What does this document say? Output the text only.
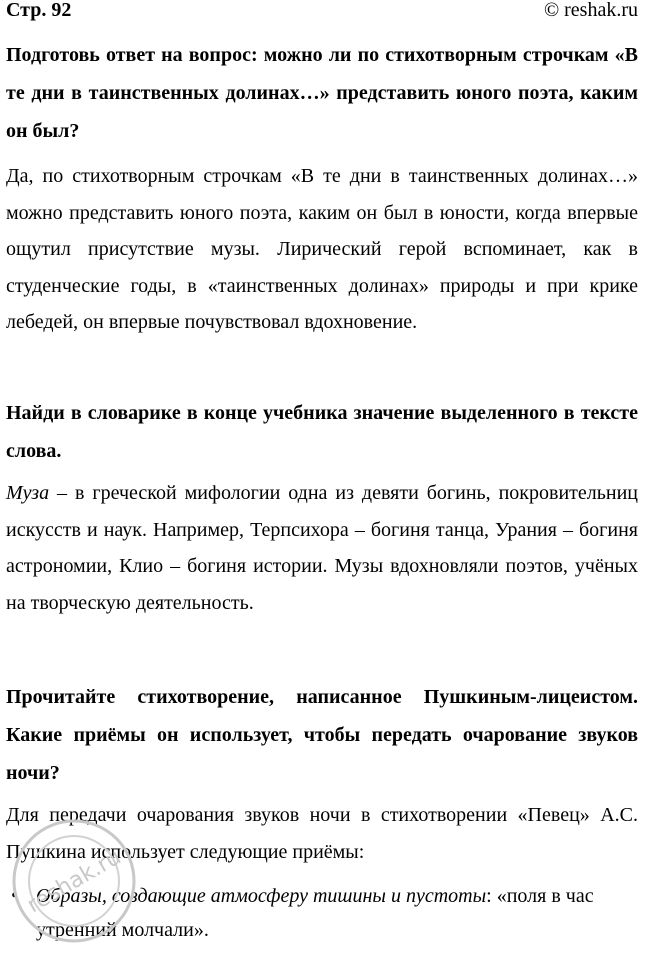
Стр. 92	© reshak.ru
Подготовь ответ на вопрос: можно ли по стихотворным строчкам «В те дни в таинственных долинах…» представить юного поэта, каким он был?
Да, по стихотворным строчкам «В те дни в таинственных долинах…» можно представить юного поэта, каким он был в юности, когда впервые ощутил присутствие музы. Лирический герой вспоминает, как в студенческие годы, в «таинственных долинах» природы и при крике лебедей, он впервые почувствовал вдохновение.
Найди в словарике в конце учебника значение выделенного в тексте слова.
Муза – в греческой мифологии одна из девяти богинь, покровительниц искусств и наук. Например, Терпсихора – богиня танца, Урания – богиня астрономии, Клио – богиня истории. Музы вдохновляли поэтов, учёных на творческую деятельность.
Прочитайте стихотворение, написанное Пушкиным-лицеистом. Какие приёмы он использует, чтобы передать очарование звуков ночи?
Для передачи очарования звуков ночи в стихотворении «Певец» А.С. Пушкина использует следующие приёмы:
• Образы, создающие атмосферу тишины и пустоты: «поля в час утренний молчали».
reshak.ru
